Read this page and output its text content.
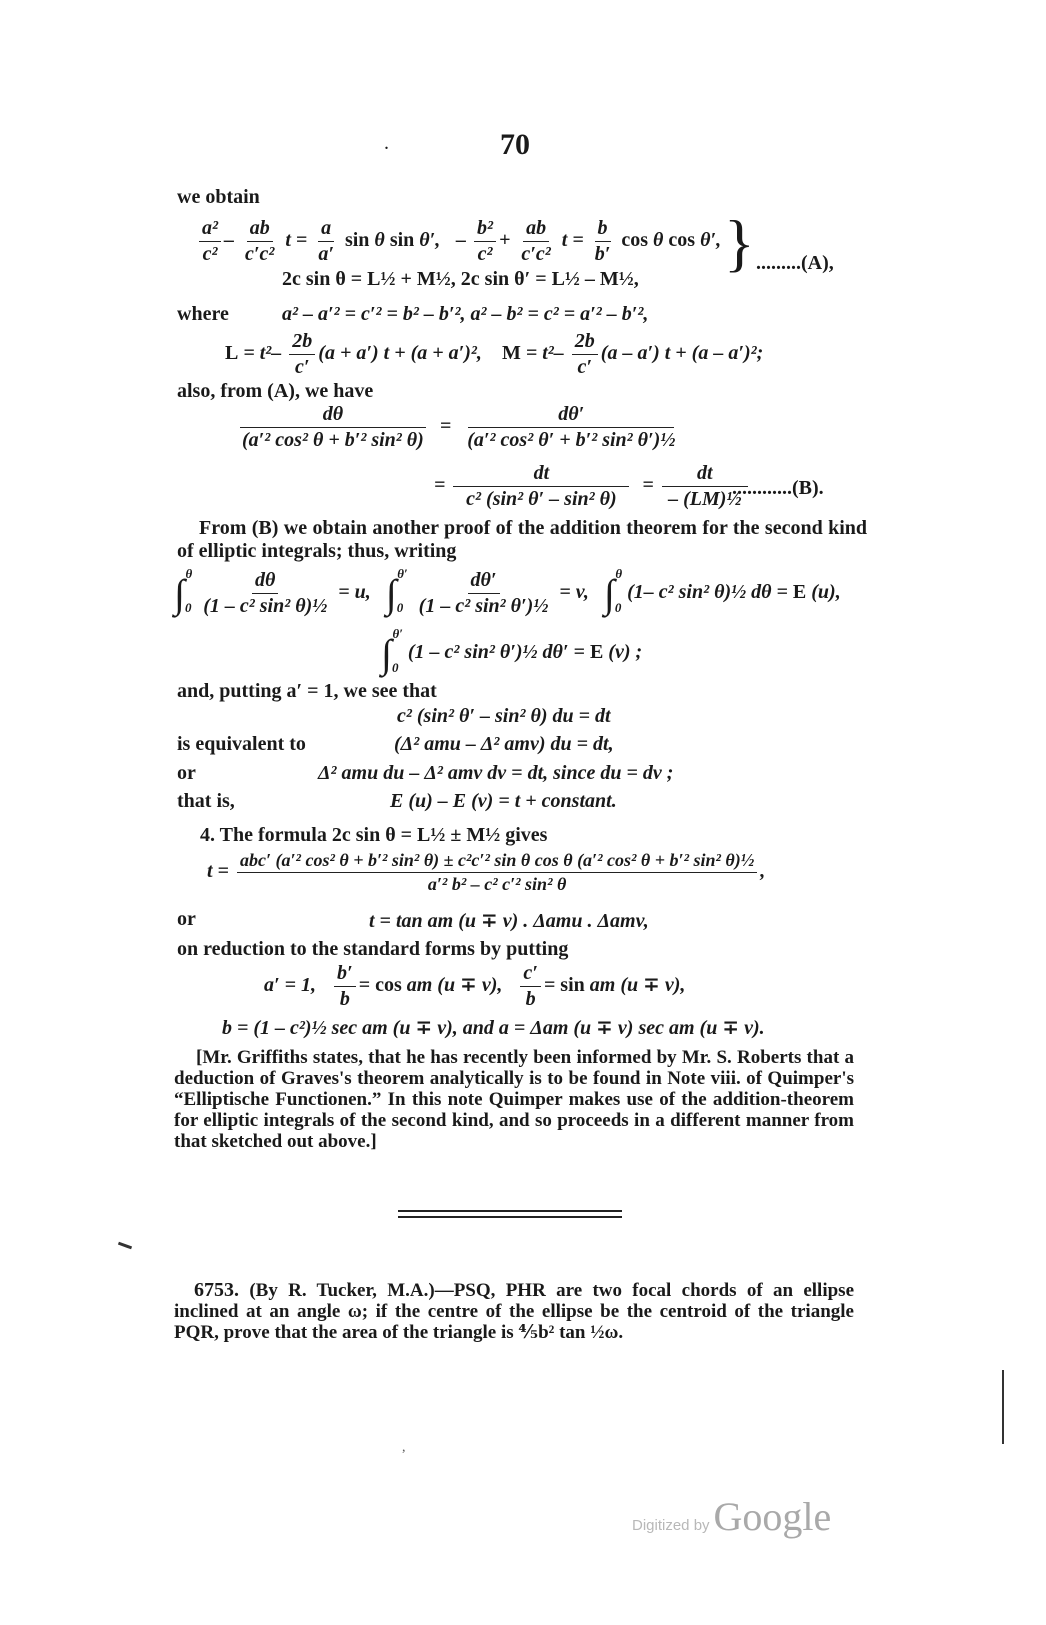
70
.
we obtain
$\frac{\text{a²}}{\text{c²}} - \frac{ab}{\text{c′c²}}$ $t = \frac{a}{a'}$ sin θ sin θ′, – $\frac{\text{b²}}{\text{c²}} + \frac{ab}{\text{c′c²}}$ $t = \frac{b}{b'}$ cos θ cos θ′,
2c sin θ = L½ + M½, 2c sin θ′ = L½ – M½,
} .........(A),
where	a² – a′² = c′² = b² – b′², a² – b² = c² = a′² – b′²,
$L = t^2- \frac{2b}{c'} (a + a') t + (a + a')^2$,    $M = t^2- \frac{2b}{c'} (a - a') t + (a - a')^2$;
also, from (A), we have
$\frac{d\theta}{\text{(a′² cos² θ + b′² sin² θ)}} = \frac{d\theta'}{\text{(a′² cos² θ′ + b′² sin² θ′)½}}$
= $\frac{dt}{\text{c² (sin² θ′ – sin² θ)}} = \frac{dt}{\text{– (LM)½}}$
............(B).
From (B) we obtain another proof of the addition theorem for the second kind of elliptic integrals; thus, writing
$\int_0^\theta \frac{d\theta}{\text{(1 – c² sin² θ)½}} = u$,   $\int_0^{\theta'} \frac{d\theta'}{\text{(1 – c² sin² θ′)½}} = v$,   $\int_0^\theta$ (1– c² sin² θ)½ dθ = E (u),
$\int_0^{\theta'}$ (1 – c² sin² θ′)½ dθ′ = E (v) ;
and, putting a′ = 1, we see that
c² (sin² θ′ – sin² θ) du = dt
is equivalent to	(Δ² amu – Δ² amv) du = dt,
or	Δ² amu du – Δ² amv dv = dt, since du = dv ;
that is,	E (u) – E (v) = t + constant.
4. The formula 2c sin θ = L½ ± M½ gives
t = abc′ (a′² cos² θ + b′² sin² θ) ± c²c′² sin θ cos θ (a′² cos² θ + b′² sin² θ)½
a′² b² – c² c′² sin² θ
,
or	t = tan am (u ∓ v) . Δamu . Δamv,
on reduction to the standard forms by putting
a′ = 1, $\frac{b'}{b} = \cos$ am (u ∓ v), $\frac{c'}{b} = \sin$ am (u ∓ v),
b = (1 – c²)½ sec am (u ∓ v), and a = Δam (u ∓ v) sec am (u ∓ v).
[Mr. Griffiths states, that he has recently been informed by Mr. S. Roberts that a deduction of Graves's theorem analytically is to be found in Note viii. of Quimper's “Elliptische Functionen.” In this note Quimper makes use of the addition-theorem for elliptic integrals of the second kind, and so proceeds in a different manner from that sketched out above.]
6753. (By R. Tucker, M.A.)—PSQ, PHR are two focal chords of an ellipse inclined at an angle ω; if the centre of the ellipse be the centroid of the triangle PQR, prove that the area of the triangle is ⅘b² tan ½ω.
,
Digitized by Google
